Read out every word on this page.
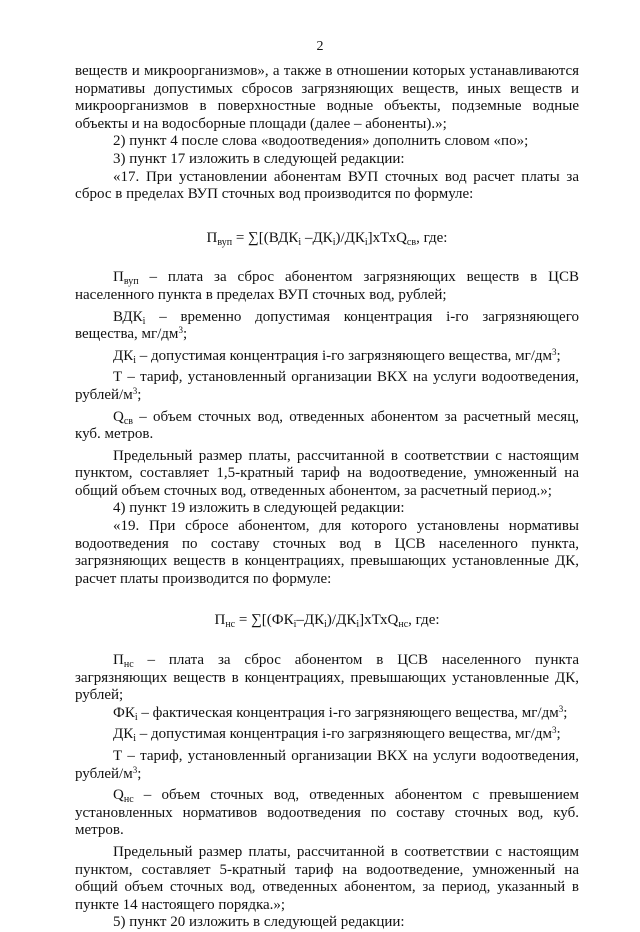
2

веществ и микроорганизмов», а также в отношении которых устанавливаются нормативы допустимых сбросов загрязняющих веществ, иных веществ и микроорганизмов в поверхностные водные объекты, подземные водные объекты и на водосборные площади (далее – абоненты).»;

2) пункт 4 после слова «водоотведения» дополнить словом «по»;

3) пункт 17 изложить в следующей редакции:

«17. При установлении абонентам ВУП сточных вод расчет платы за сброс в пределах ВУП сточных вод производится по формуле:

$П_{вуп} = \sum[(ВДК_i$ $-ДК_i)/ДК_i]хТхQ_{св}$, где:

$П_{вуп}$ – плата за сброс абонентом загрязняющих веществ в ЦСВ населенного пункта в пределах ВУП сточных вод, рублей;

$ВДК_i$ – временно допустимая концентрация i-го загрязняющего вещества, $мг/дм^3$;

$ДК_i$ – допустимая концентрация i-го загрязняющего вещества, $мг/дм^3$;

Т – тариф, установленный организации ВКХ на услуги водоотведения, рублей/$м^3$;

$Q_{св}$ – объем сточных вод, отведенных абонентом за расчетный месяц, куб. метров.

Предельный размер платы, рассчитанной в соответствии с настоящим пунктом, составляет 1,5-кратный тариф на водоотведение, умноженный на общий объем сточных вод, отведенных абонентом, за расчетный период.»;

4) пункт 19 изложить в следующей редакции:

«19. При сбросе абонентом, для которого установлены нормативы водоотведения по составу сточных вод в ЦСВ населенного пункта, загрязняющих веществ в концентрациях, превышающих установленные ДК, расчет платы производится по формуле:

$П_{нс}$ = $\sum[(ФК_i-ДК_i)/ДК_i]хТхQ_{нс}$, где:

$П_{нс}$ – плата за сброс абонентом в ЦСВ населенного пункта загрязняющих веществ в концентрациях, превышающих установленные ДК, рублей;

$ФК_i$ – фактическая концентрация i-го загрязняющего вещества, $мг/дм^3$;

$ДК_i$ – допустимая концентрация i-го загрязняющего вещества, $мг/дм^3$;

Т – тариф, установленный организации ВКХ на услуги водоотведения, рублей/$м^3$;

$Q_{нс}$ – объем сточных вод, отведенных абонентом с превышением установленных нормативов водоотведения по составу сточных вод, куб. метров.

Предельный размер платы, рассчитанной в соответствии с настоящим пунктом, составляет 5-кратный тариф на водоотведение, умноженный на общий объем сточных вод, отведенных абонентом, за период, указанный в пункте 14 настоящего порядка.»;

5) пункт 20 изложить в следующей редакции:
